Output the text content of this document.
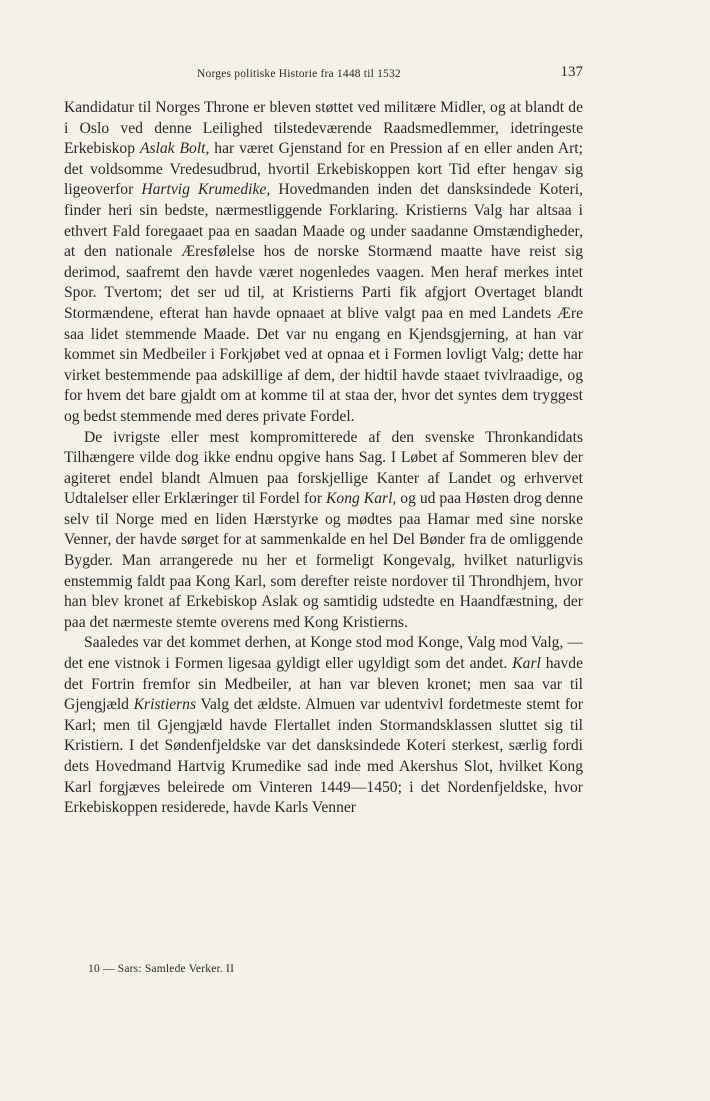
Norges politiske Historie fra 1448 til 1532	137

Kandidatur til Norges Throne er bleven støttet ved militære Midler, og at blandt de i Oslo ved denne Leilighed tilstedeværende Raadsmedlemmer, idetringeste Erkebiskop Aslak Bolt, har været Gjenstand for en Pression af en eller anden Art; det voldsomme Vredesudbrud, hvortil Erkebiskoppen kort Tid efter hengav sig ligeoverfor Hartvig Krumedike, Hovedmanden inden det dansksindede Koteri, finder heri sin bedste, nærmestliggende Forklaring. Kristierns Valg har altsaa i ethvert Fald foregaaet paa en saadan Maade og under saadanne Omstændigheder, at den nationale Æresfølelse hos de norske Stormænd maatte have reist sig derimod, saafremt den havde været nogenledes vaagen. Men heraf merkes intet Spor. Tvertom; det ser ud til, at Kristierns Parti fik afgjort Overtaget blandt Stormændene, efterat han havde opnaaet at blive valgt paa en med Landets Ære saa lidet stemmende Maade. Det var nu engang en Kjendsgjerning, at han var kommet sin Medbeiler i Forkjøbet ved at opnaa et i Formen lovligt Valg; dette har virket bestemmende paa adskillige af dem, der hidtil havde staaet tvivlraadige, og for hvem det bare gjaldt om at komme til at staa der, hvor det syntes dem tryggest og bedst stemmende med deres private Fordel.

De ivrigste eller mest kompromitterede af den svenske Thronkandidats Tilhængere vilde dog ikke endnu opgive hans Sag. I Løbet af Sommeren blev der agiteret endel blandt Almuen paa forskjellige Kanter af Landet og erhvervet Udtalelser eller Erklæringer til Fordel for Kong Karl, og ud paa Høsten drog denne selv til Norge med en liden Hærstyrke og mødtes paa Hamar med sine norske Venner, der havde sørget for at sammenkalde en hel Del Bønder fra de omliggende Bygder. Man arrangerede nu her et formeligt Kongevalg, hvilket naturligvis enstemmig faldt paa Kong Karl, som derefter reiste nordover til Throndhjem, hvor han blev kronet af Erkebiskop Aslak og samtidig udstedte en Haandfæstning, der paa det nærmeste stemte overens med Kong Kristierns.

Saaledes var det kommet derhen, at Konge stod mod Konge, Valg mod Valg, — det ene vistnok i Formen ligesaa gyldigt eller ugyldigt som det andet. Karl havde det Fortrin fremfor sin Medbeiler, at han var bleven kronet; men saa var til Gjengjæld Kristierns Valg det ældste. Almuen var udentvivl fordetmeste stemt for Karl; men til Gjengjæld havde Flertallet inden Stormandsklassen sluttet sig til Kristiern. I det Søndenfjeldske var det dansksindede Koteri sterkest, særlig fordi dets Hovedmand Hartvig Krumedike sad inde med Akershus Slot, hvilket Kong Karl forgjæves beleirede om Vinteren 1449—1450; i det Nordenfjeldske, hvor Erkebiskoppen residerede, havde Karls Venner

10 — Sars: Samlede Verker. II
